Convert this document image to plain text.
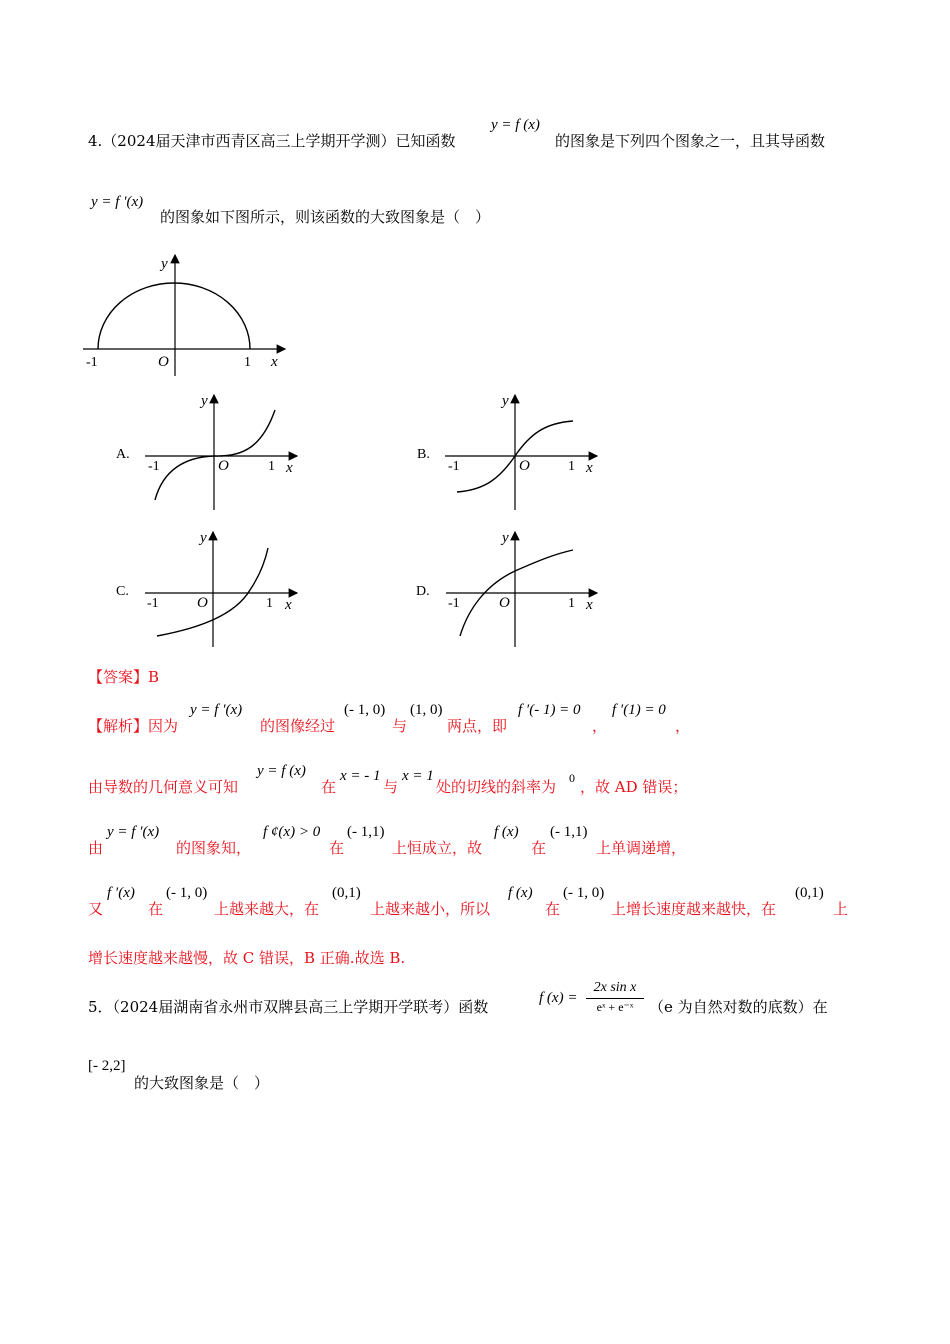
4.（2024届天津市西青区高三上学期开学测）已知函数
y = f (x)
的图象是下列四个图象之一，且其导函数
y = f ′(x)
的图象如下图所示，则该函数的大致图象是（　）
y
x
-1	O	1
A.
y
x
-1	O	1
B.
y
x
-1	O	1
C.
y
x
-1	O	1
D.
y
x
-1	O	1
【答案】B
【解析】因为
y = f ′(x)
的图像经过
(- 1, 0)
与
(1, 0)
两点，即
f ′(- 1) = 0
，
f ′(1) = 0
，
由导数的几何意义可知
y = f (x)
在
x = - 1
与
x = 1
处的切线的斜率为 0 ，故 AD 错误；
由
y = f ′(x)
的图象知，
f ¢(x) > 0
在
(- 1,1)
上恒成立，故
f (x)
在
(- 1,1)
上单调递增，
又
f ′(x)
在
(- 1, 0)
上越来越大，在
(0,1)
上越来越小，所以
f (x)
在
(- 1, 0)
上增长速度越来越快，在
(0,1)
上
增长速度越来越慢，故 C 错误，B 正确.故选 B.
5．（2024届湖南省永州市双牌县高三上学期开学联考）函数	f (x) =
2x sin x
eˣ + e⁻ˣ	（e 为自然对数的底数）在
[- 2,2]
的大致图象是（　）
